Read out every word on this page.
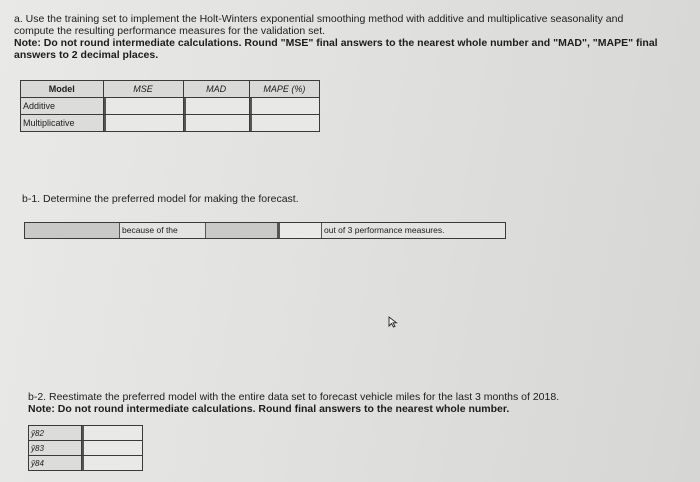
a. Use the training set to implement the Holt-Winters exponential smoothing method with additive and multiplicative seasonality and
compute the resulting performance measures for the validation set.
Note: Do not round intermediate calculations. Round "MSE" final answers to the nearest whole number and "MAD", "MAPE" final
answers to 2 decimal places.
Model	MSE	MAD	MAPE (%)
Additive	

Multiplicative	

b-1. Determine the preferred model for making the forecast.
because of the	out of 3 performance measures.
b-2. Reestimate the preferred model with the entire data set to forecast vehicle miles for the last 3 months of 2018.
Note: Do not round intermediate calculations. Round final answers to the nearest whole number.
ŷ82	

ŷ83	

ŷ84	
